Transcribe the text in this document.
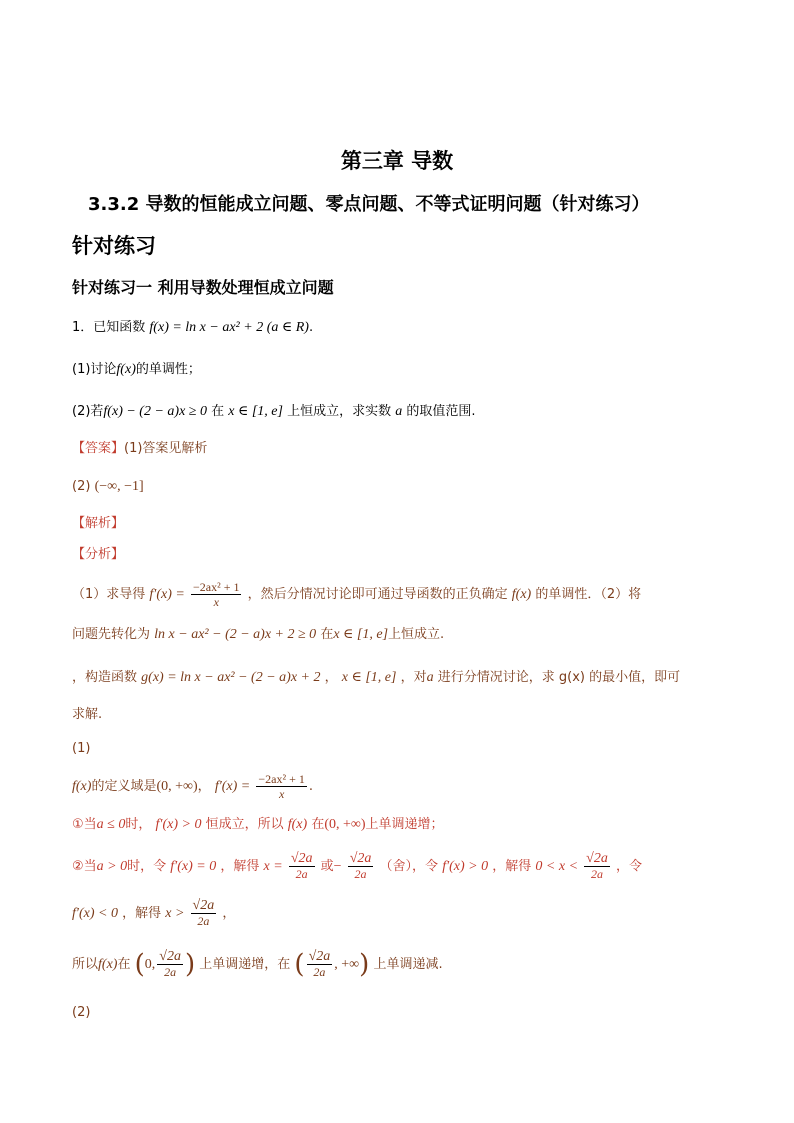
第三章 导数
3.3.2 导数的恒能成立问题、零点问题、不等式证明问题（针对练习）
针对练习
针对练习一 利用导数处理恒成立问题
1．已知函数 f(x) = ln x − ax² + 2 (a ∈ R).
(1)讨论f(x)的单调性；
(2)若f(x) − (2 − a)x ≥ 0 在 x ∈ [1, e] 上恒成立，求实数 a 的取值范围.
【答案】(1)答案见解析
(2) (−∞, −1]
【解析】
【分析】
（1）求导得 $f'(x) = \frac{\text{−2ax² + 1}}{x}$ ，然后分情况讨论即可通过导函数的正负确定 f(x) 的单调性．（2）将
问题先转化为 ln x − ax² − (2 − a)x + 2 ≥ 0 在x ∈ [1, e]上恒成立.
，构造函数 g(x) = ln x − ax² − (2 − a)x + 2 ， x ∈ [1, e] ，对a 进行分情况讨论，求 g(x) 的最小值，即可
求解.
(1)
f(x)的定义域是(0, +∞)， $f'(x) = \frac{\text{−2ax² + 1}}{x}$ .
①当a ≤ 0时， f′(x) > 0 恒成立，所以 f(x) 在(0, +∞)上单调递增；
②当a > 0时，令 f′(x) = 0 ，解得 $x = \frac{√2a}{2a}$ 或− $\frac{√2a}{2a}$ （舍），令 f′(x) > 0 ，解得 $0 < x < \frac{√2a}{2a}$ ，令
f′(x) < 0 ，解得 $x > \frac{√2a}{2a}$ ，
所以f(x)在 (0, $\frac{√2a}{2a}$ ) 上单调递增，在 ( $\frac{√2a}{2a}$ , +∞) 上单调递减.
(2)
